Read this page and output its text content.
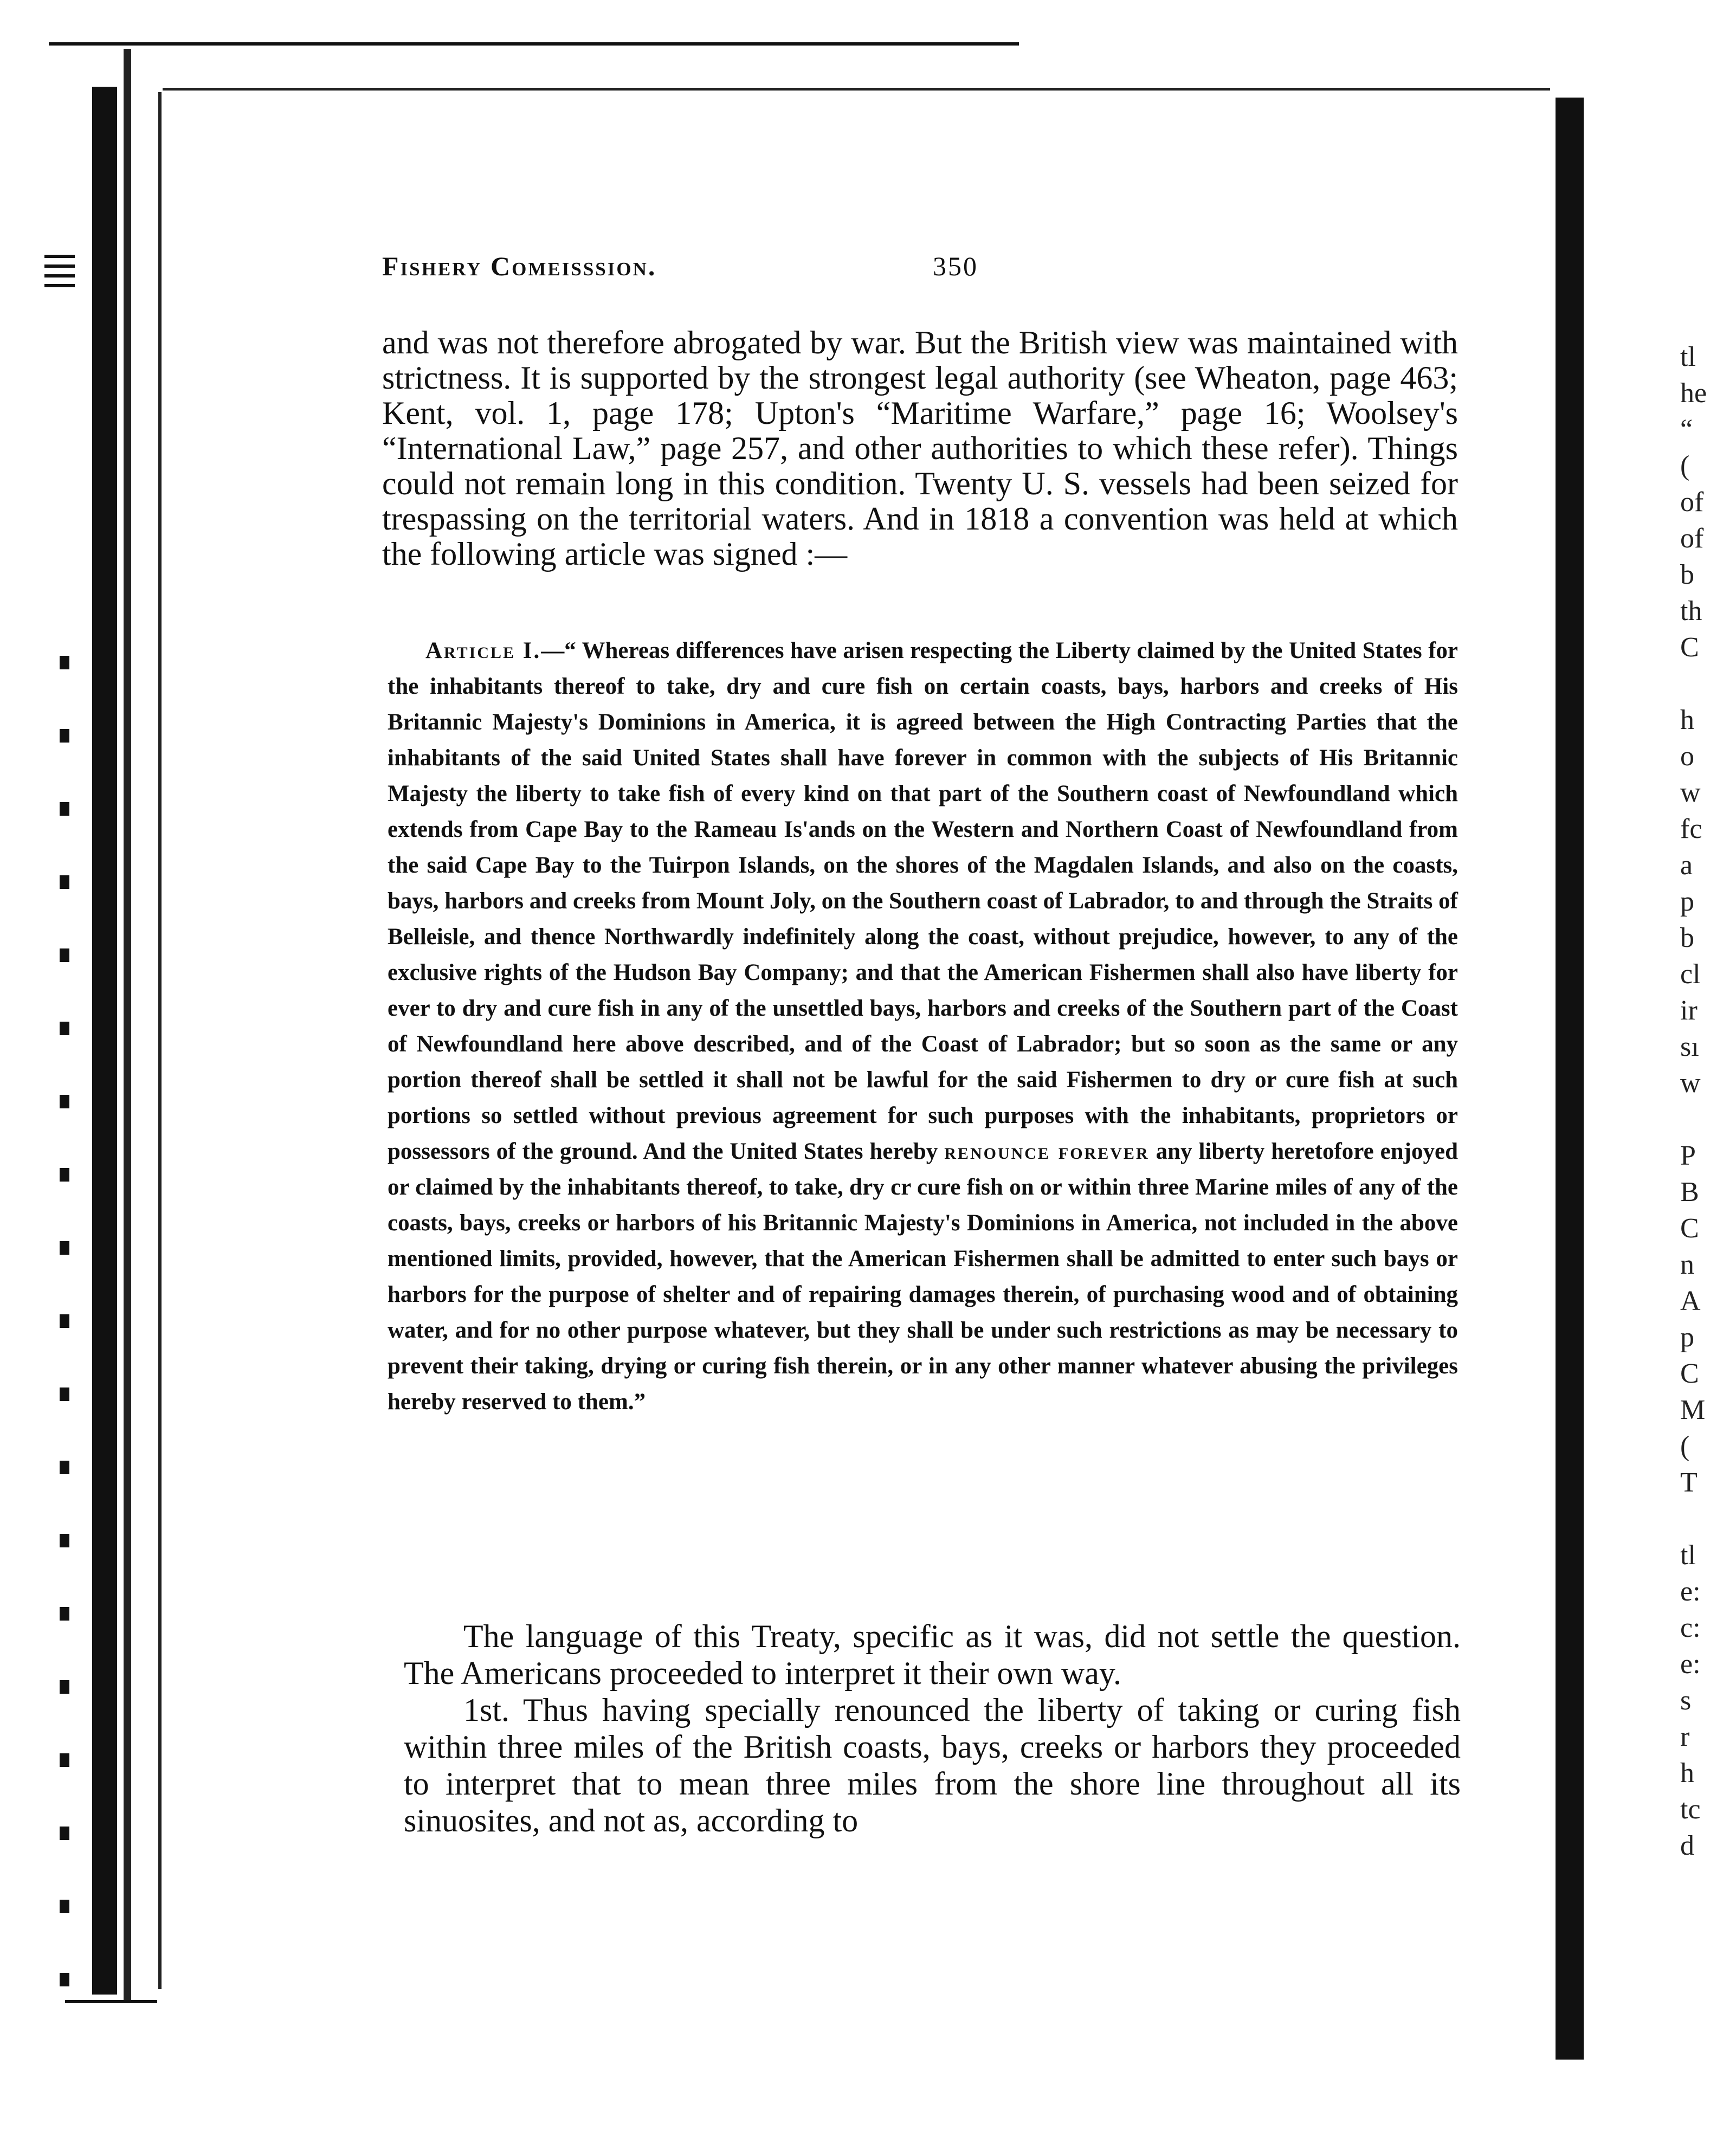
Fishery Comeisssion.	350
and was not therefore abrogated by war. But the British view was maintained with strictness. It is supported by the strongest legal authority (see Wheaton, page 463; Kent, vol. 1, page 178; Upton's “Maritime Warfare,” page 16; Woolsey's “International Law,” page 257, and other authorities to which these refer). Things could not remain long in this condition. Twenty U. S. vessels had been seized for trespassing on the territorial waters. And in 1818 a convention was held at which the following article was signed :—
Article I.—“ Whereas differences have arisen respecting the Liberty claimed by the United States for the inhabitants thereof to take, dry and cure fish on certain coasts, bays, harbors and creeks of His Britannic Majesty's Dominions in America, it is agreed between the High Contracting Parties that the inhabitants of the said United States shall have forever in common with the subjects of His Britannic Majesty the liberty to take fish of every kind on that part of the Southern coast of Newfoundland which extends from Cape Bay to the Rameau Is'ands on the Western and Northern Coast of Newfoundland from the said Cape Bay to the Tuirpon Islands, on the shores of the Magdalen Islands, and also on the coasts, bays, harbors and creeks from Mount Joly, on the Southern coast of Labrador, to and through the Straits of Belleisle, and thence Northwardly indefinitely along the coast, without prejudice, however, to any of the exclusive rights of the Hudson Bay Company; and that the American Fishermen shall also have liberty for ever to dry and cure fish in any of the unsettled bays, harbors and creeks of the Southern part of the Coast of Newfoundland here above described, and of the Coast of Labrador; but so soon as the same or any portion thereof shall be settled it shall not be lawful for the said Fishermen to dry or cure fish at such portions so settled without previous agreement for such purposes with the inhabitants, proprietors or possessors of the ground. And the United States hereby renounce forever any liberty heretofore enjoyed or claimed by the inhabitants thereof, to take, dry cr cure fish on or within three Marine miles of any of the coasts, bays, creeks or harbors of his Britannic Majesty's Dominions in America, not included in the above mentioned limits, provided, however, that the American Fishermen shall be admitted to enter such bays or harbors for the purpose of shelter and of repairing damages therein, of purchasing wood and of obtaining water, and for no other purpose whatever, but they shall be under such restrictions as may be necessary to prevent their taking, drying or curing fish therein, or in any other manner whatever abusing the privileges hereby reserved to them.”

The language of this Treaty, specific as it was, did not settle the question. The Americans proceeded to interpret it their own way.

1st. Thus having specially renounced the liberty of taking or curing fish within three miles of the British coasts, bays, creeks or harbors they proceeded to interpret that to mean three miles from the shore line throughout all its sinuosites, and not as, according to

tl
he
“
(
of
of
b
th
C
h
o
w
fc
a
p
b
cl
ir
sı
w
P
B
C
n
A
p
C
M
(
T
tl
e:
c:
e:
s
r
h
tc
d
